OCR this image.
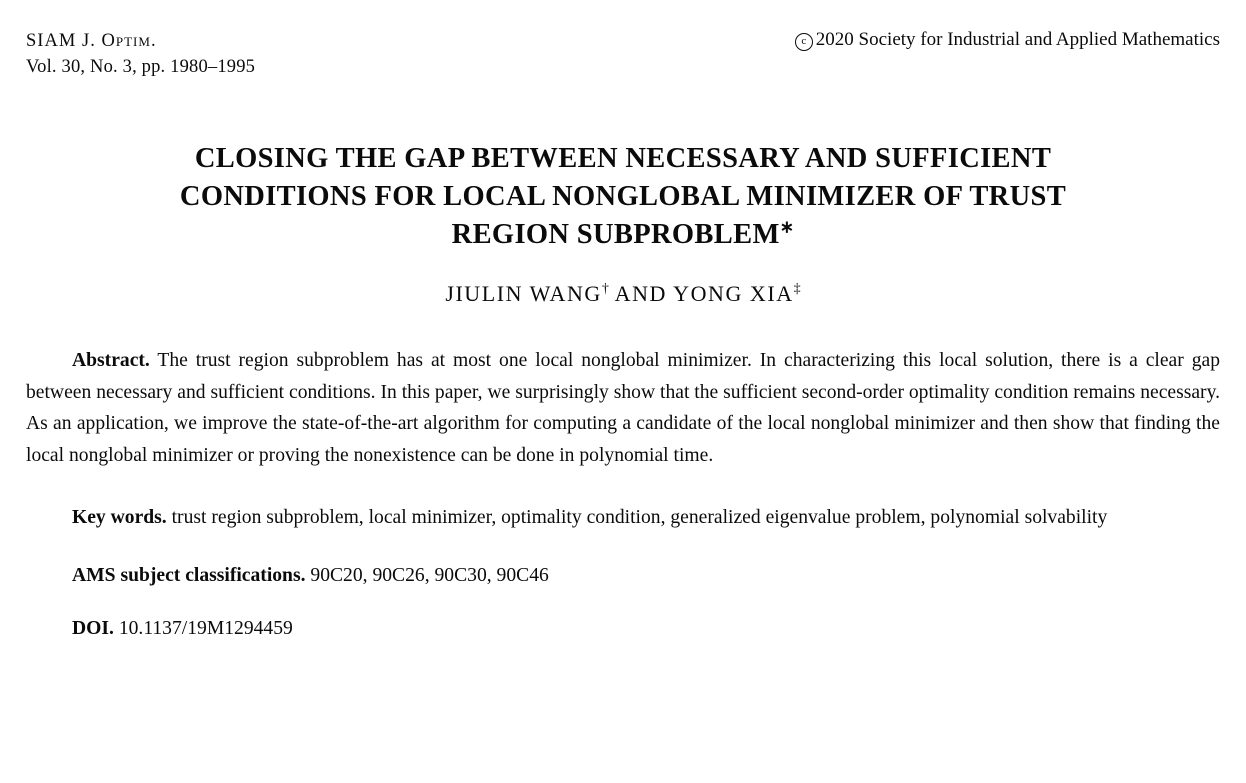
SIAM J. Optim.
Vol. 30, No. 3, pp. 1980–1995
c 2020 Society for Industrial and Applied Mathematics
CLOSING THE GAP BETWEEN NECESSARY AND SUFFICIENT
CONDITIONS FOR LOCAL NONGLOBAL MINIMIZER OF TRUST
REGION SUBPROBLEM∗
JIULIN WANG† AND YONG XIA‡

Abstract. The trust region subproblem has at most one local nonglobal minimizer. In characterizing this local solution, there is a clear gap between necessary and sufficient conditions. In this paper, we surprisingly show that the sufficient second-order optimality condition remains necessary. As an application, we improve the state-of-the-art algorithm for computing a candidate of the local nonglobal minimizer and then show that finding the local nonglobal minimizer or proving the nonexistence can be done in polynomial time.

Key words. trust region subproblem, local minimizer, optimality condition, generalized eigenvalue problem, polynomial solvability

AMS subject classifications. 90C20, 90C26, 90C30, 90C46

DOI. 10.1137/19M1294459
